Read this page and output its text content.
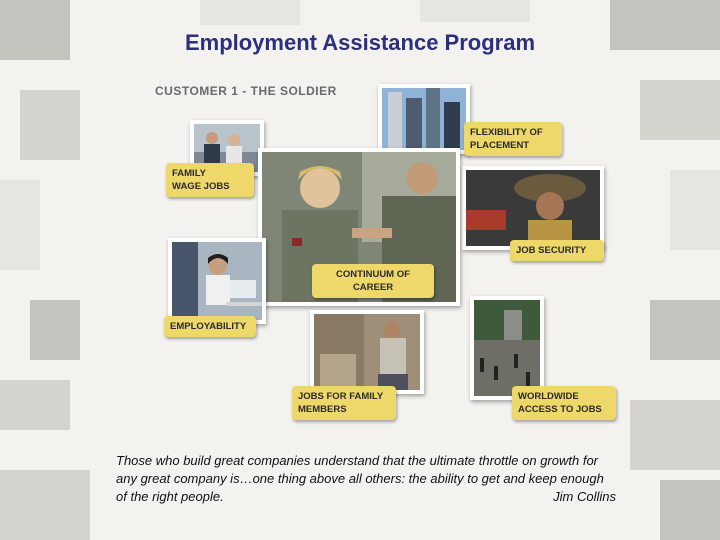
Employment Assistance Program
CUSTOMER 1 - THE SOLDIER
FAMILY
WAGE JOBS
FLEXIBILITY OF
PLACEMENT
JOB SECURITY
CONTINUUM OF
CAREER
EMPLOYABILITY
JOBS FOR FAMILY
MEMBERS
WORLDWIDE
ACCESS TO JOBS
Those who build great companies understand that the ultimate throttle on growth for any great company is…one thing above all others: the ability to get and keep enough of the right people.	Jim Collins
